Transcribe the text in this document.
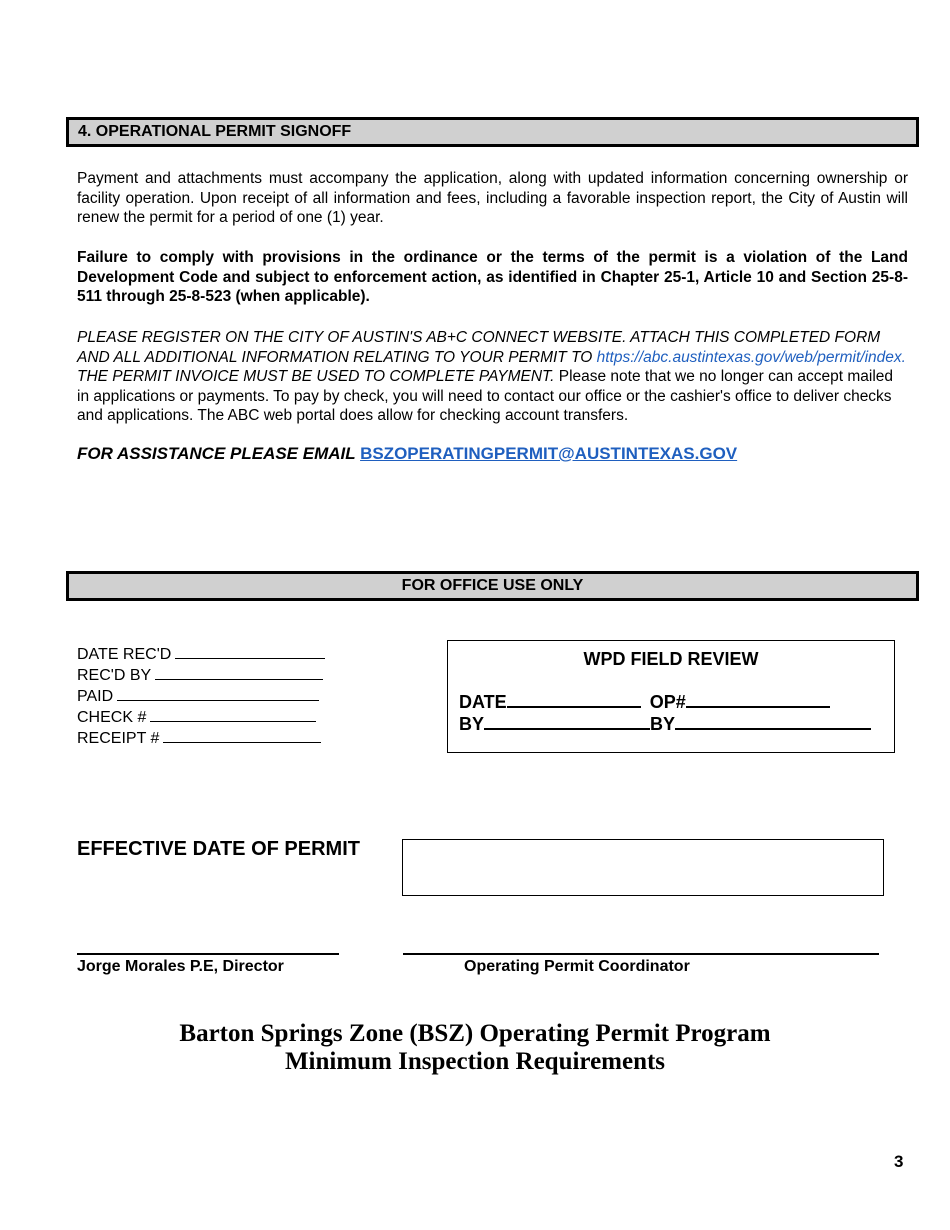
4. OPERATIONAL PERMIT SIGNOFF
Payment and attachments must accompany the application, along with updated information concerning ownership or facility operation. Upon receipt of all information and fees, including a favorable inspection report, the City of Austin will renew the permit for a period of one (1) year.
Failure to comply with provisions in the ordinance or the terms of the permit is a violation of the Land Development Code and subject to enforcement action, as identified in Chapter 25-1, Article 10 and Section 25-8-511 through 25-8-523 (when applicable).
PLEASE REGISTER ON THE CITY OF AUSTIN'S AB+C CONNECT WEBSITE. ATTACH THIS COMPLETED FORM AND ALL ADDITIONAL INFORMATION RELATING TO YOUR PERMIT TO https://abc.austintexas.gov/web/permit/index. THE PERMIT INVOICE MUST BE USED TO COMPLETE PAYMENT. Please note that we no longer can accept mailed in applications or payments. To pay by check, you will need to contact our office or the cashier's office to deliver checks and applications. The ABC web portal does allow for checking account transfers.
FOR ASSISTANCE PLEASE EMAIL BSZOPERATINGPERMIT@AUSTINTEXAS.GOV
FOR OFFICE USE ONLY
DATE REC'D
REC'D BY
PAID
CHECK #
RECEIPT #
WPD FIELD REVIEW
DATE	OP#
BY	BY
EFFECTIVE DATE OF PERMIT
Jorge Morales P.E, Director	Operating Permit Coordinator
Barton Springs Zone (BSZ) Operating Permit Program
Minimum Inspection Requirements
3
